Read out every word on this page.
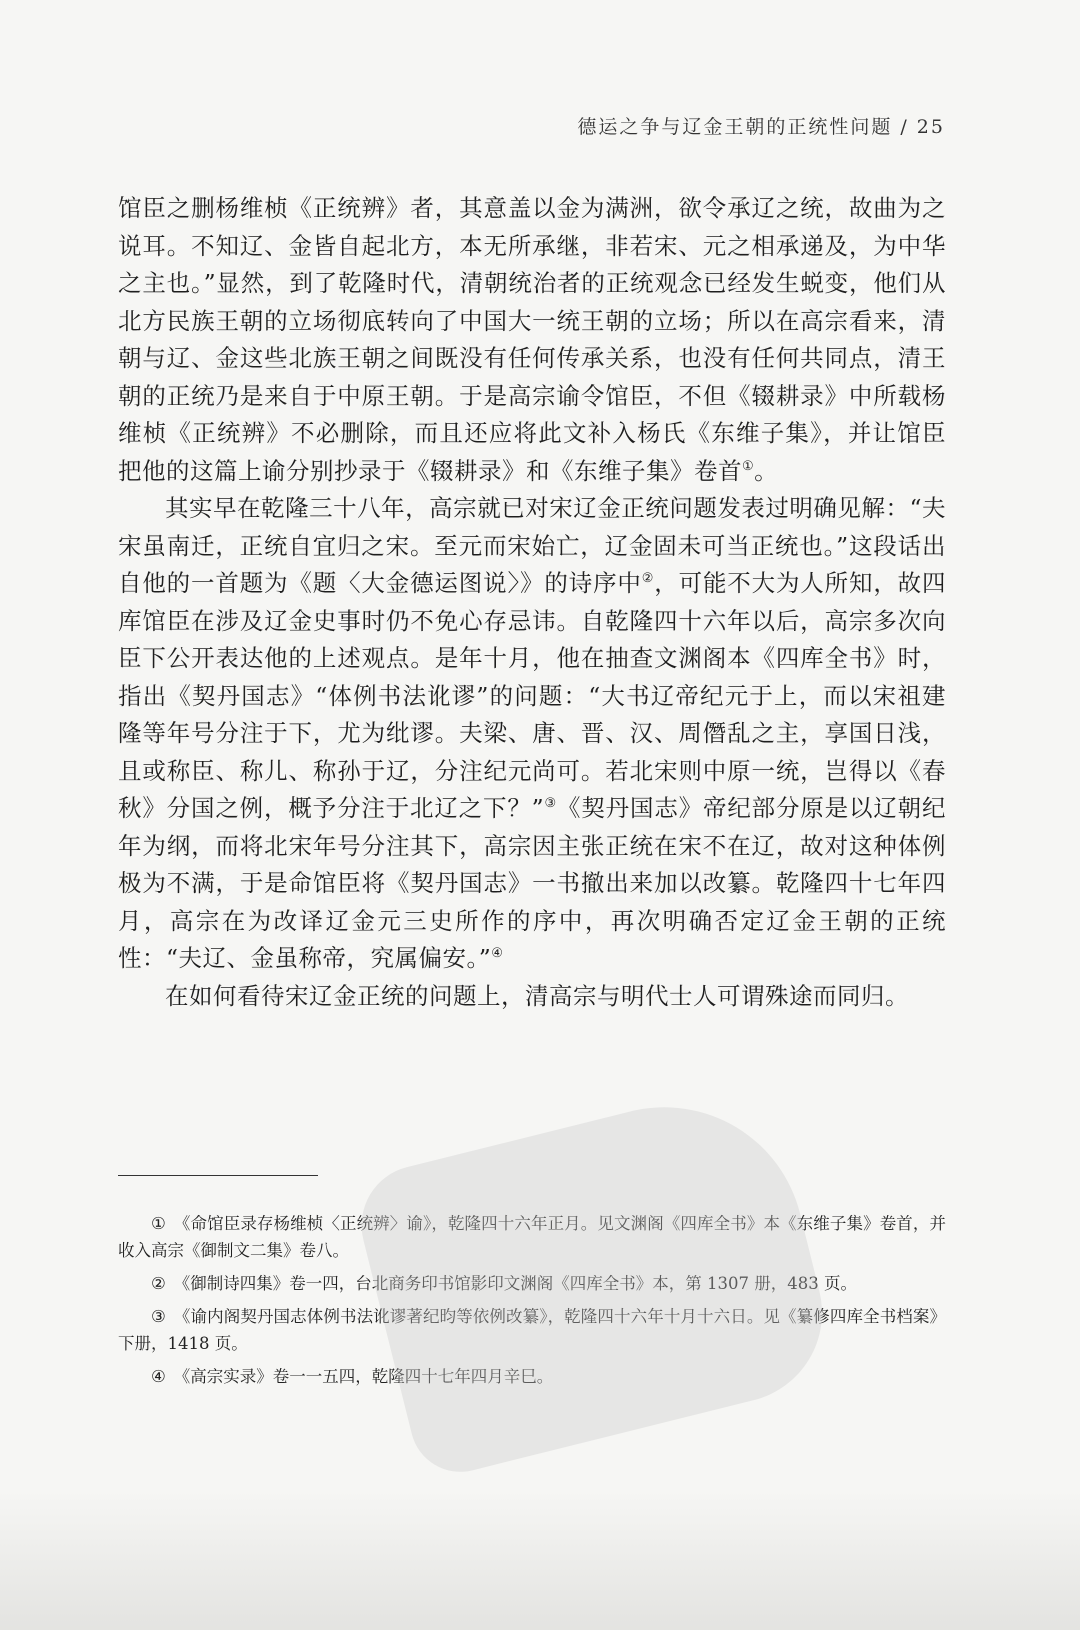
德运之争与辽金王朝的正统性问题 / 25

馆臣之删杨维桢《正统辨》者，其意盖以金为满洲，欲令承辽之统，故曲为之说耳。不知辽、金皆自起北方，本无所承继，非若宋、元之相承递及，为中华之主也。”显然，到了乾隆时代，清朝统治者的正统观念已经发生蜕变，他们从北方民族王朝的立场彻底转向了中国大一统王朝的立场；所以在高宗看来，清朝与辽、金这些北族王朝之间既没有任何传承关系，也没有任何共同点，清王朝的正统乃是来自于中原王朝。于是高宗谕令馆臣，不但《辍耕录》中所载杨维桢《正统辨》不必删除，而且还应将此文补入杨氏《东维子集》，并让馆臣把他的这篇上谕分别抄录于《辍耕录》和《东维子集》卷首①。

其实早在乾隆三十八年，高宗就已对宋辽金正统问题发表过明确见解：“夫宋虽南迁，正统自宜归之宋。至元而宋始亡，辽金固未可当正统也。”这段话出自他的一首题为《题〈大金德运图说〉》的诗序中②，可能不大为人所知，故四库馆臣在涉及辽金史事时仍不免心存忌讳。自乾隆四十六年以后，高宗多次向臣下公开表达他的上述观点。是年十月，他在抽查文渊阁本《四库全书》时，指出《契丹国志》“体例书法讹谬”的问题：“大书辽帝纪元于上，而以宋祖建隆等年号分注于下，尤为纰谬。夫梁、唐、晋、汉、周僭乱之主，享国日浅，且或称臣、称儿、称孙于辽，分注纪元尚可。若北宋则中原一统，岂得以《春秋》分国之例，概予分注于北辽之下？”③《契丹国志》帝纪部分原是以辽朝纪年为纲，而将北宋年号分注其下，高宗因主张正统在宋不在辽，故对这种体例极为不满，于是命馆臣将《契丹国志》一书撤出来加以改纂。乾隆四十七年四月，高宗在为改译辽金元三史所作的序中，再次明确否定辽金王朝的正统性：“夫辽、金虽称帝，究属偏安。”④

在如何看待宋辽金正统的问题上，清高宗与明代士人可谓殊途而同归。

① 《命馆臣录存杨维桢〈正统辨〉谕》，乾隆四十六年正月。见文渊阁《四库全书》本《东维子集》卷首，并收入高宗《御制文二集》卷八。

② 《御制诗四集》卷一四，台北商务印书馆影印文渊阁《四库全书》本，第 1307 册，483 页。

③ 《谕内阁契丹国志体例书法讹谬著纪昀等依例改纂》，乾隆四十六年十月十六日。见《纂修四库全书档案》下册，1418 页。

④ 《高宗实录》卷一一五四，乾隆四十七年四月辛巳。
